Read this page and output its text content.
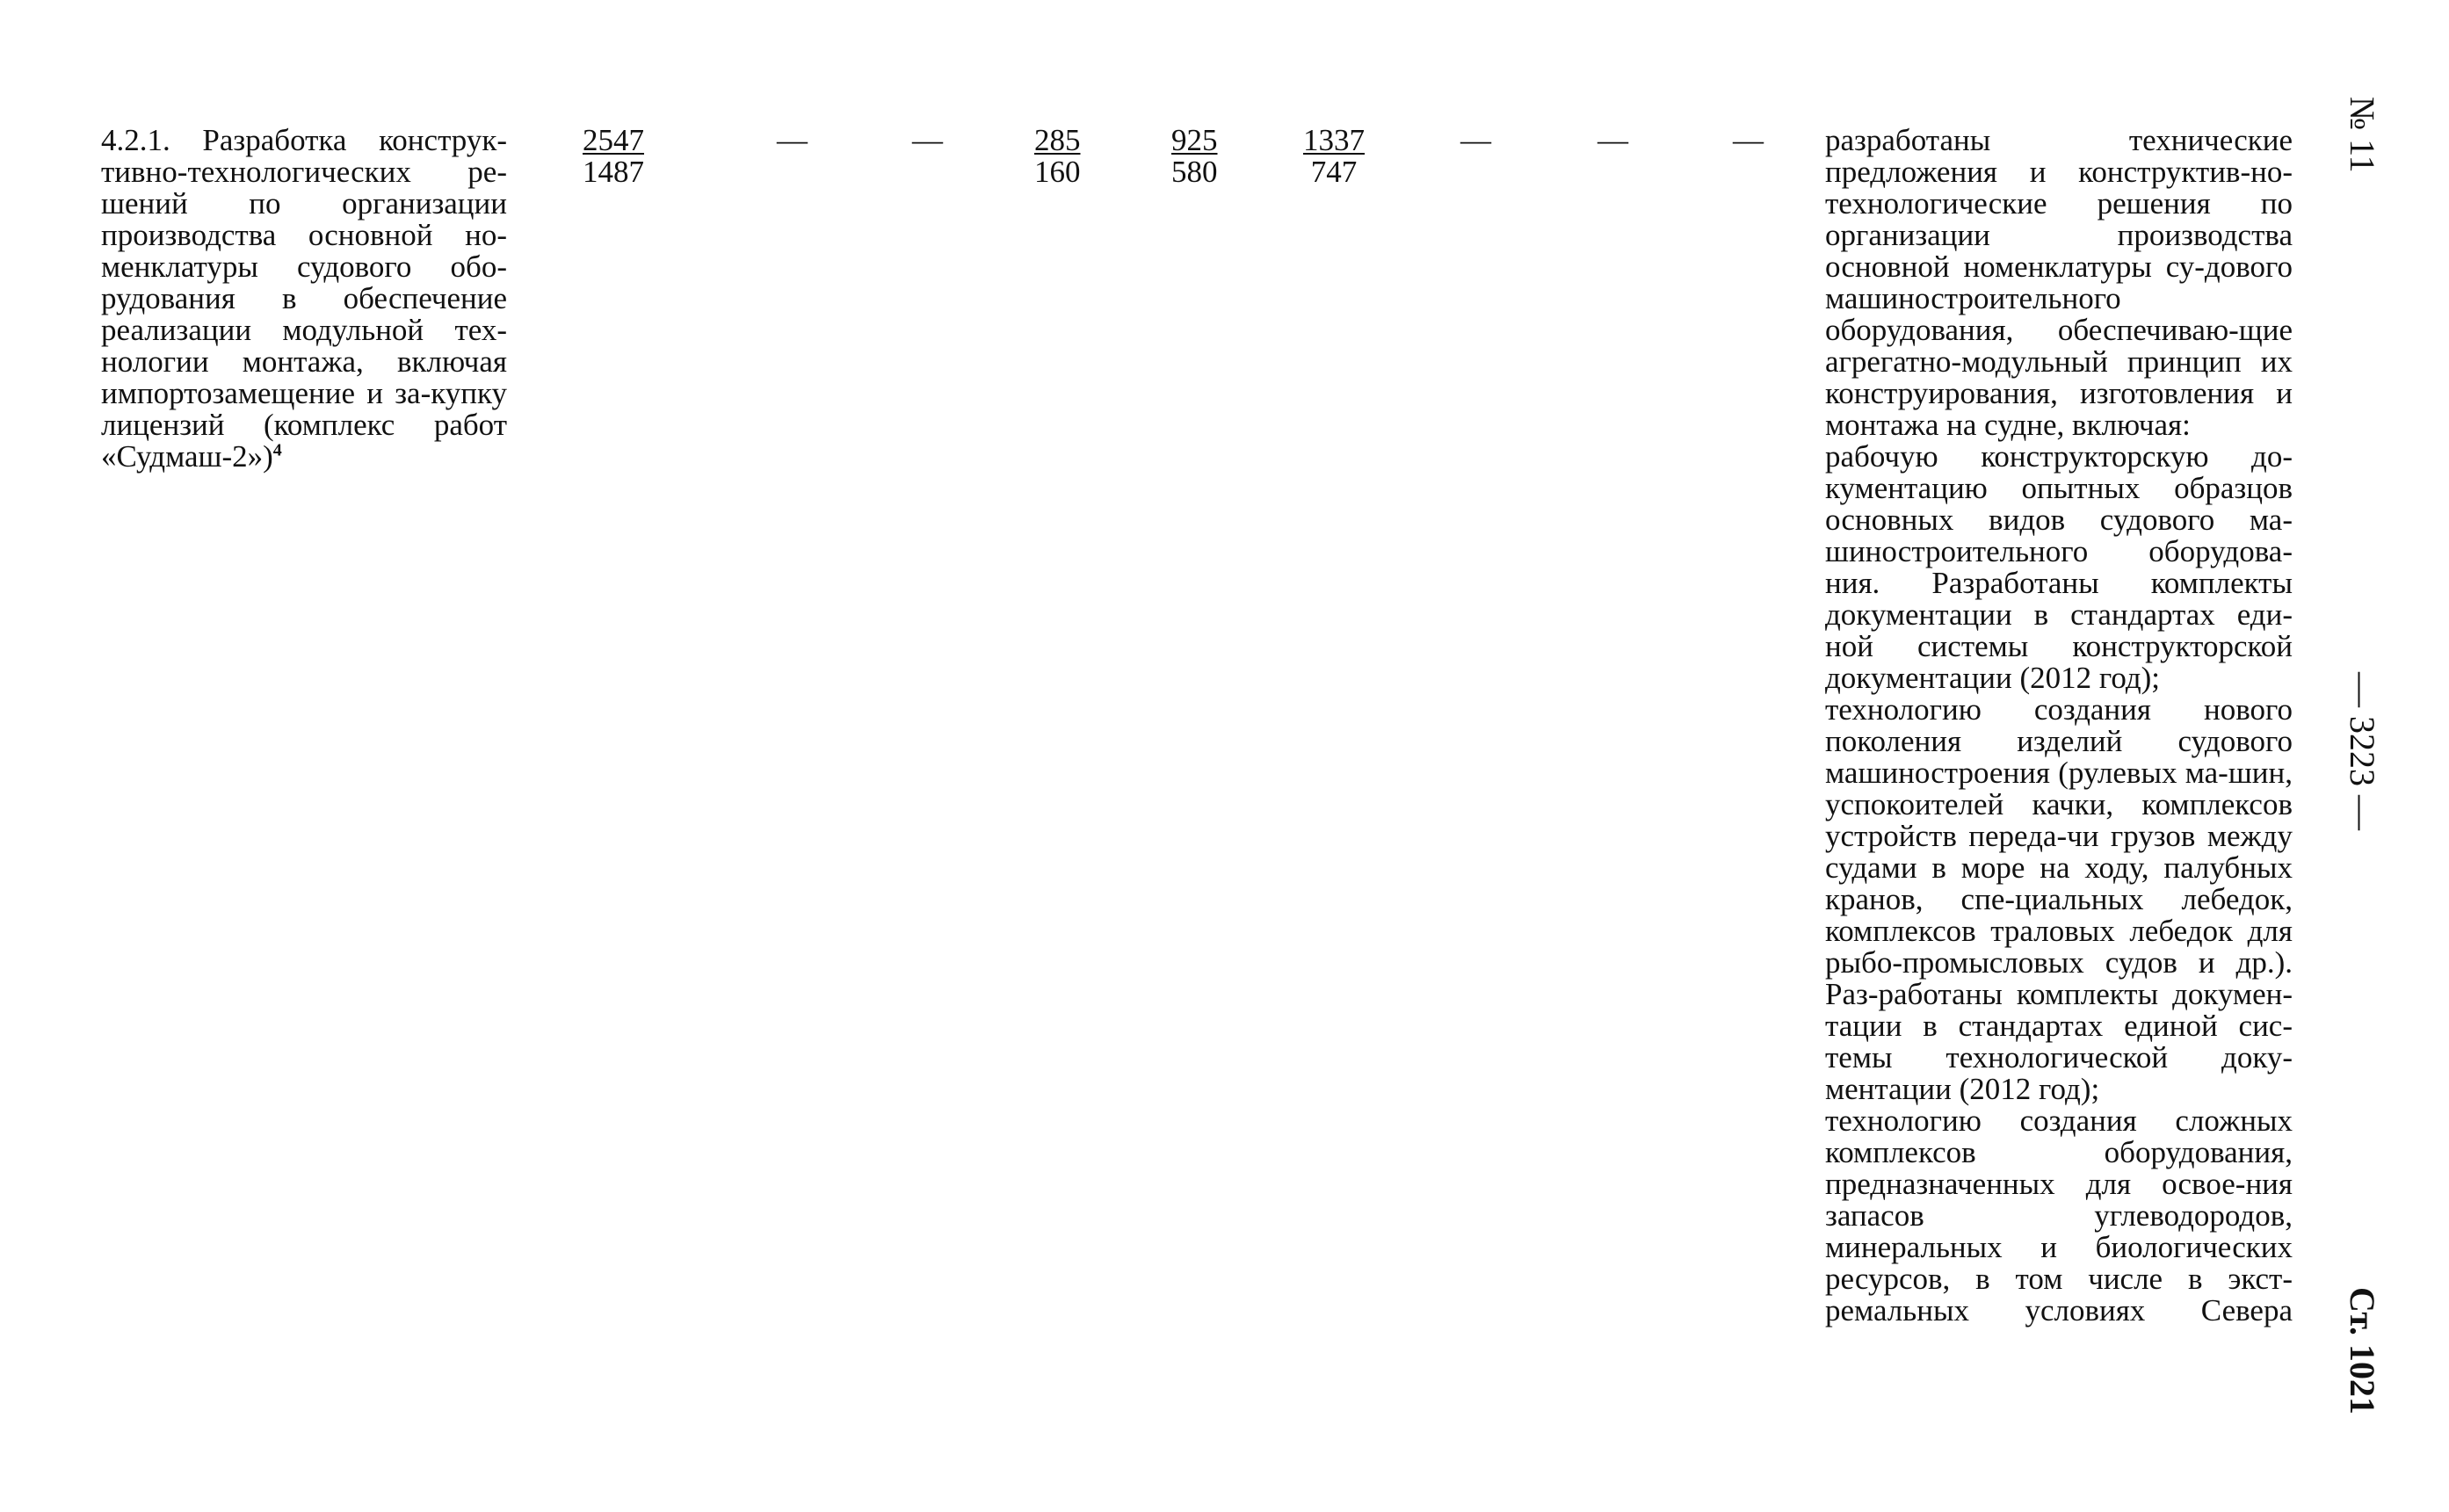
4.2.1. Разработка конструк-тивно-технологических ре-шений по организации производства основной но-менклатуры судового обо-рудования в обеспечение реализации модульной тех-нологии монтажа, включая импортозамещение и за-купку лицензий (комплекс работ «Судмаш-2»)$^4$
$\frac{2547}{1487}$	—	—	$\frac{285}{160}$	$\frac{925}{580}$	$\frac{1337}{747}$	—	—	— разработаны технические предложения и конструктив-но-технологические решения по организации производства основной номенклатуры су-дового машиностроительного оборудования, обеспечиваю-щие агрегатно-модульный принцип их конструирования, изготовления и монтажа на судне, включая:

рабочую конструкторскую до-кументацию опытных образцов основных видов судового ма-шиностроительного оборудова-ния. Разработаны комплекты документации в стандартах еди-ной системы конструкторской документации (2012 год);

технологию создания нового поколения изделий судового машиностроения (рулевых ма-шин, успокоителей качки, комплексов устройств переда-чи грузов между судами в море на ходу, палубных кранов, спе-циальных лебедок, комплексов траловых лебедок для рыбо-промысловых судов и др.). Раз-работаны комплекты докумен-тации в стандартах единой сис-темы технологической доку-ментации (2012 год);

технологию создания сложных комплексов оборудования, предназначенных для освое-ния запасов углеводородов, минеральных и биологических ресурсов, в том числе в экст-ремальных условиях Севера

№ 11
— 3223 —
Ст. 1021
